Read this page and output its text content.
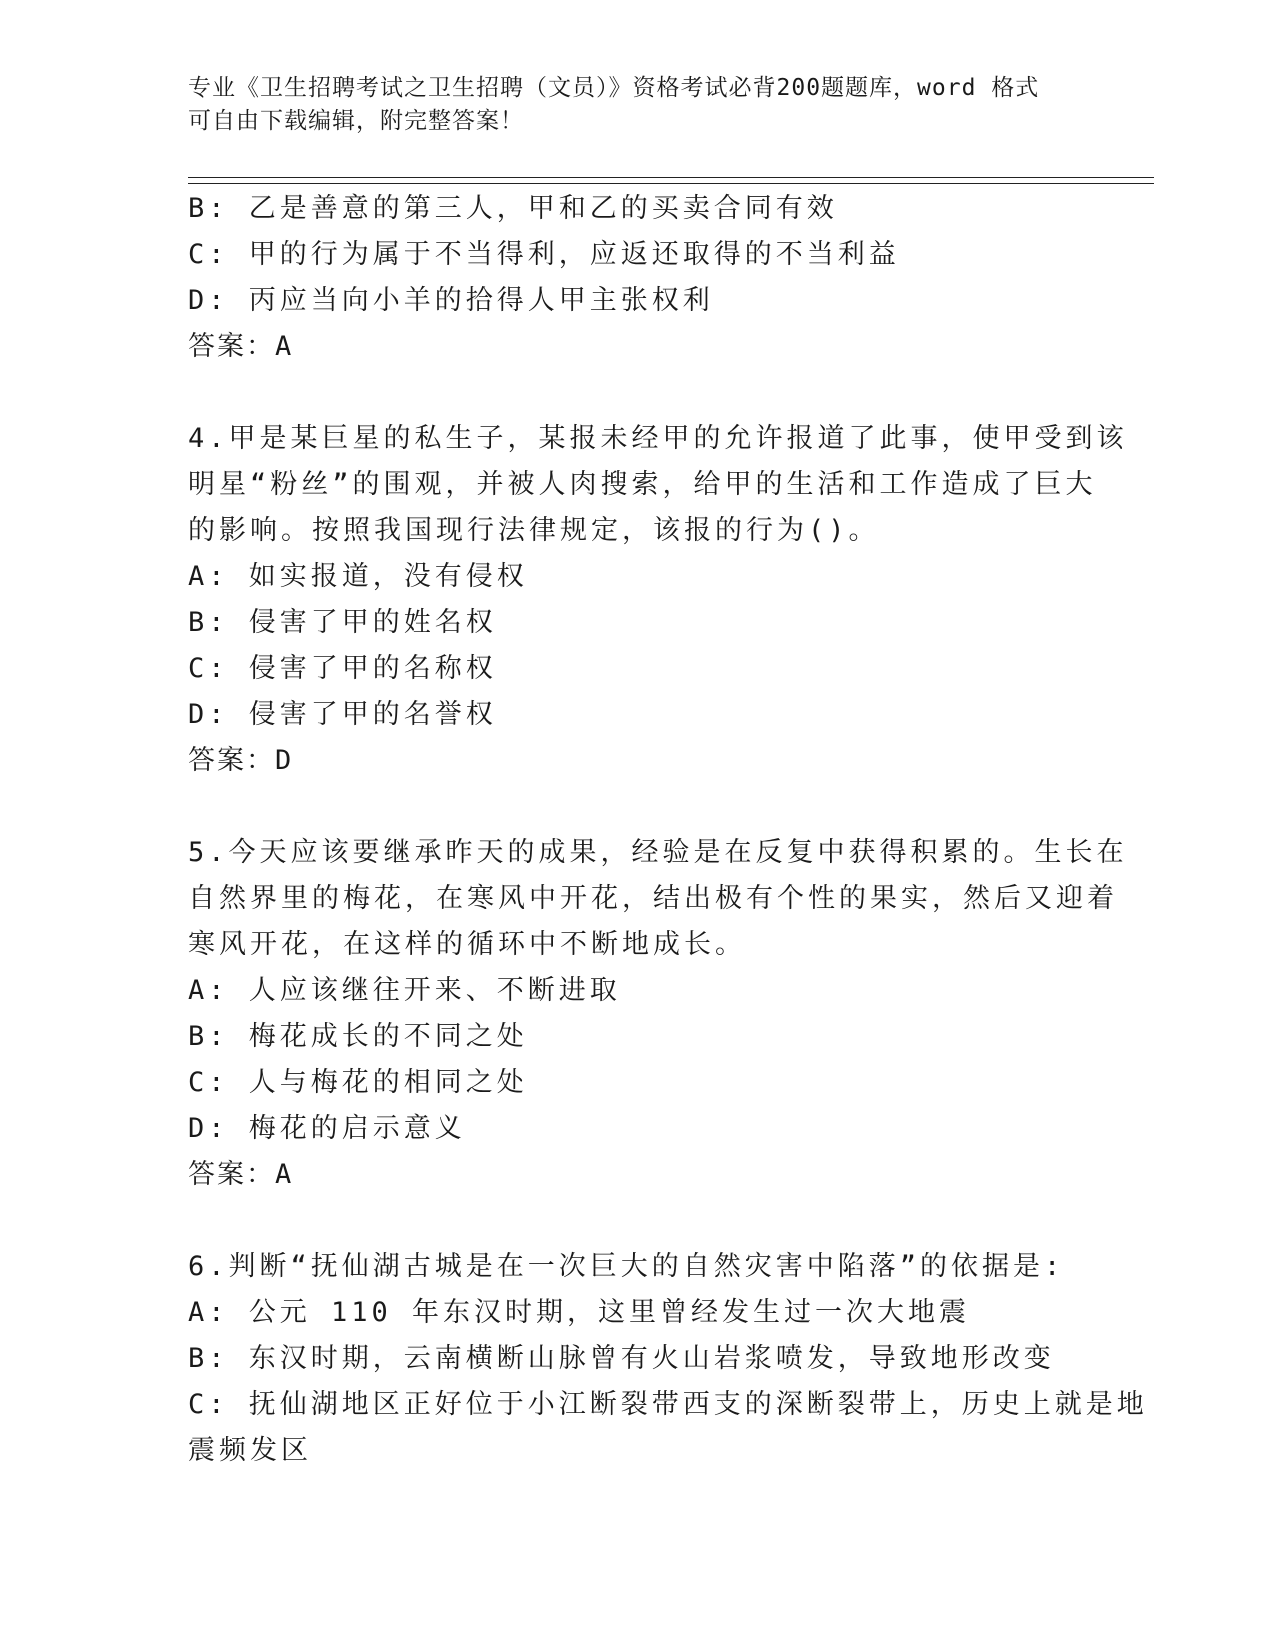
专业《卫生招聘考试之卫生招聘（文员）》资格考试必背200题题库，word 格式
可自由下载编辑，附完整答案！
B: 乙是善意的第三人，甲和乙的买卖合同有效
C: 甲的行为属于不当得利，应返还取得的不当利益
D: 丙应当向小羊的拾得人甲主张权利
答案：A
4.甲是某巨星的私生子，某报未经甲的允许报道了此事，使甲受到该
明星“粉丝”的围观，并被人肉搜索，给甲的生活和工作造成了巨大
的影响。按照我国现行法律规定，该报的行为()。
A: 如实报道，没有侵权
B: 侵害了甲的姓名权
C: 侵害了甲的名称权
D: 侵害了甲的名誉权
答案：D
5.今天应该要继承昨天的成果，经验是在反复中获得积累的。生长在
自然界里的梅花，在寒风中开花，结出极有个性的果实，然后又迎着
寒风开花，在这样的循环中不断地成长。
A: 人应该继往开来、不断进取
B: 梅花成长的不同之处
C: 人与梅花的相同之处
D: 梅花的启示意义
答案：A
6.判断“抚仙湖古城是在一次巨大的自然灾害中陷落”的依据是:
A: 公元 110 年东汉时期，这里曾经发生过一次大地震
B: 东汉时期，云南横断山脉曾有火山岩浆喷发，导致地形改变
C: 抚仙湖地区正好位于小江断裂带西支的深断裂带上，历史上就是地
震频发区
